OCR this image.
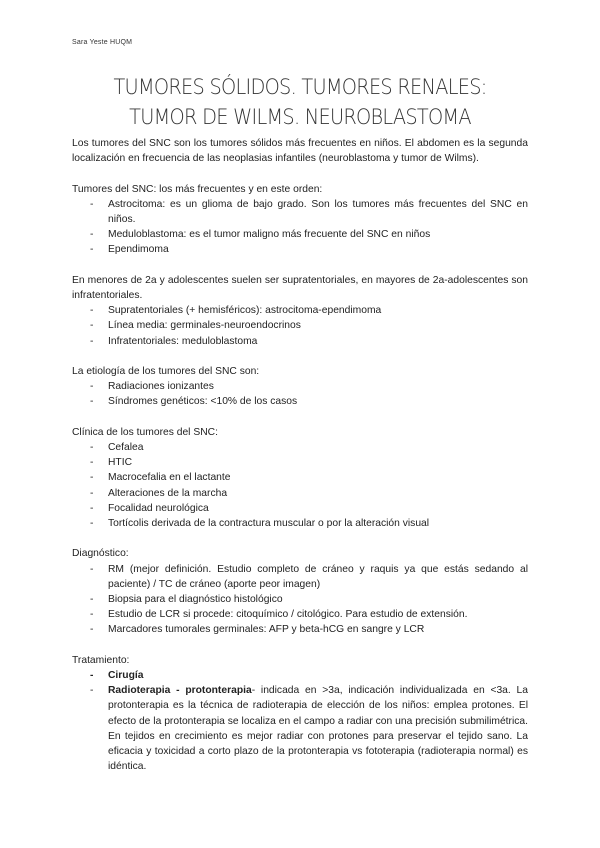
Sara Yeste HUQM
TUMORES SÓLIDOS. TUMORES RENALES: TUMOR DE WILMS. NEUROBLASTOMA

Los tumores del SNC son los tumores sólidos más frecuentes en niños. El abdomen es la segunda localización en frecuencia de las neoplasias infantiles (neuroblastoma y tumor de Wilms).

Tumores del SNC: los más frecuentes y en este orden:

- Astrocitoma: es un glioma de bajo grado. Son los tumores más frecuentes del SNC en niños.
- Meduloblastoma: es el tumor maligno más frecuente del SNC en niños
- Ependimoma

En menores de 2a y adolescentes suelen ser supratentoriales, en mayores de 2a-adolescentes son infratentoriales.

- Supratentoriales (+ hemisféricos): astrocitoma-ependimoma
- Línea media: germinales-neuroendocrinos
- Infratentoriales: meduloblastoma

La etiología de los tumores del SNC son:

- Radiaciones ionizantes
- Síndromes genéticos: <10% de los casos

Clínica de los tumores del SNC:

- Cefalea
- HTIC
- Macrocefalia en el lactante
- Alteraciones de la marcha
- Focalidad neurológica
- Tortícolis derivada de la contractura muscular o por la alteración visual

Diagnóstico:

- RM (mejor definición. Estudio completo de cráneo y raquis ya que estás sedando al paciente) / TC de cráneo (aporte peor imagen)
- Biopsia para el diagnóstico histológico
- Estudio de LCR si procede: citoquímico / citológico. Para estudio de extensión.
- Marcadores tumorales germinales: AFP y beta-hCG en sangre y LCR

Tratamiento:

- Cirugía
- Radioterapia - protonterapia- indicada en >3a, indicación individualizada en <3a. La protonterapia es la técnica de radioterapia de elección de los niños: emplea protones. El efecto de la protonterapia se localiza en el campo a radiar con una precisión submilimétrica. En tejidos en crecimiento es mejor radiar con protones para preservar el tejido sano. La eficacia y toxicidad a corto plazo de la protonterapia vs fototerapia (radioterapia normal) es idéntica.
